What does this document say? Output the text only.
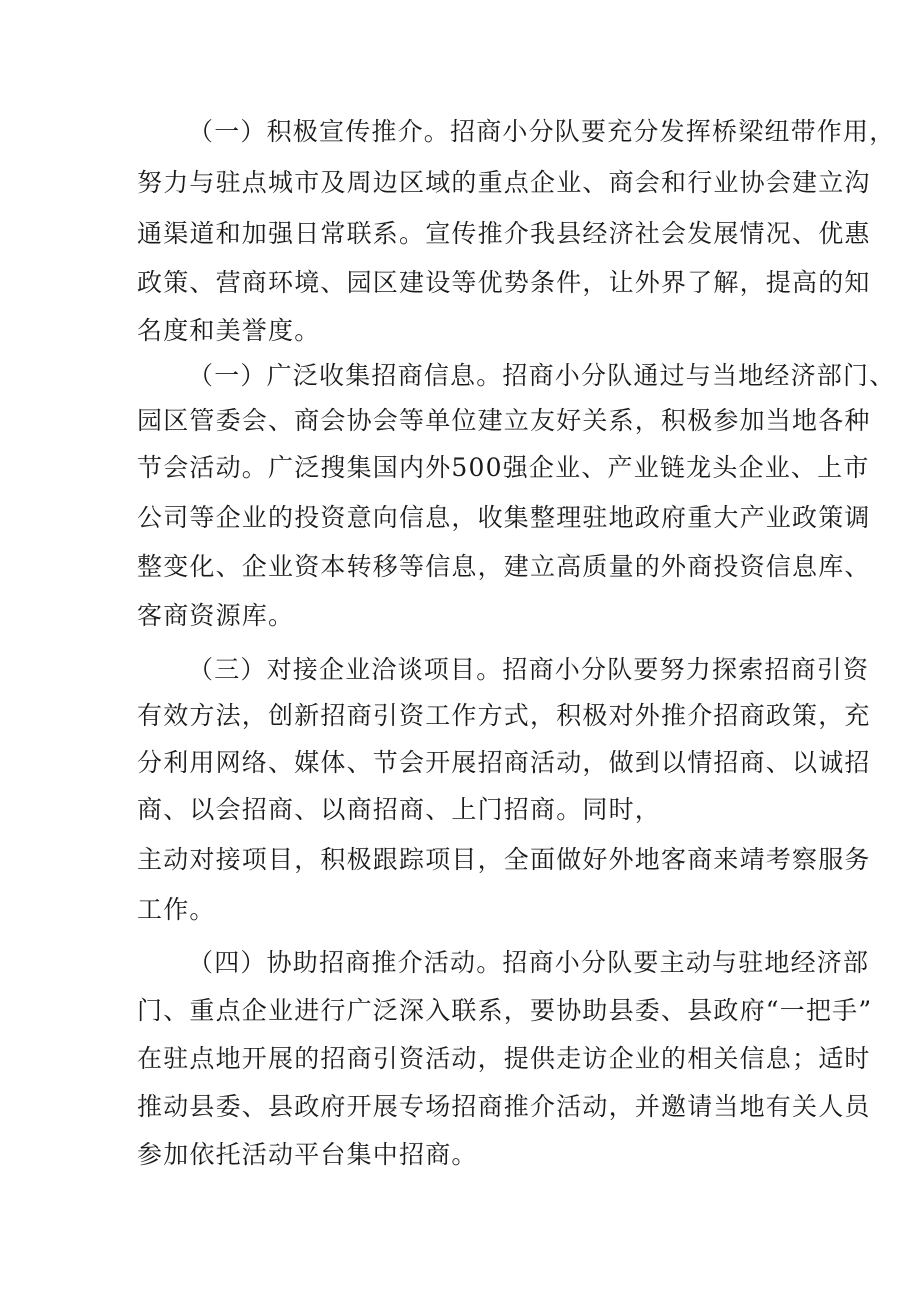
（一）积极宣传推介。招商小分队要充分发挥桥梁纽带作用，
努力与驻点城市及周边区域的重点企业、商会和行业协会建立沟
通渠道和加强日常联系。宣传推介我县经济社会发展情况、优惠
政策、营商环境、园区建设等优势条件，让外界了解，提高的知
名度和美誉度。
（一）广泛收集招商信息。招商小分队通过与当地经济部门、
园区管委会、商会协会等单位建立友好关系，积极参加当地各种
节会活动。广泛搜集国内外500强企业、产业链龙头企业、上市
公司等企业的投资意向信息，收集整理驻地政府重大产业政策调
整变化、企业资本转移等信息，建立高质量的外商投资信息库、
客商资源库。
（三）对接企业洽谈项目。招商小分队要努力探索招商引资
有效方法，创新招商引资工作方式，积极对外推介招商政策，充
分利用网络、媒体、节会开展招商活动，做到以情招商、以诚招
商、以会招商、以商招商、上门招商。同时，
主动对接项目，积极跟踪项目，全面做好外地客商来靖考察服务
工作。
（四）协助招商推介活动。招商小分队要主动与驻地经济部
门、重点企业进行广泛深入联系，要协助县委、县政府“一把手”
在驻点地开展的招商引资活动，提供走访企业的相关信息；适时
推动县委、县政府开展专场招商推介活动，并邀请当地有关人员
参加依托活动平台集中招商。
